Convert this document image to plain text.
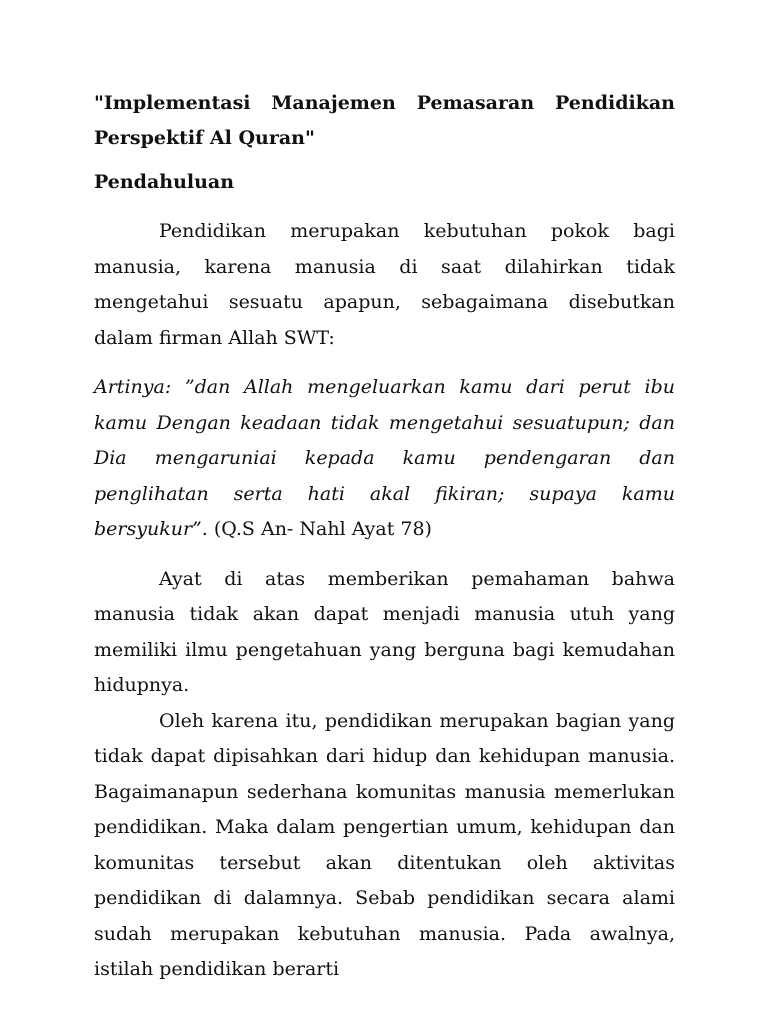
"Implementasi Manajemen Pemasaran Pendidikan Perspektif Al Quran"

Pendahuluan

Pendidikan merupakan kebutuhan pokok bagi manusia, karena manusia di saat dilahirkan tidak mengetahui sesuatu apapun, sebagaimana disebutkan dalam firman Allah SWT:

Artinya: ”dan Allah mengeluarkan kamu dari perut ibu kamu Dengan keadaan tidak mengetahui sesuatupun; dan Dia mengaruniai kepada kamu pendengaran dan penglihatan serta hati akal fikiran; supaya kamu bersyukur”. (Q.S An- Nahl Ayat 78)

Ayat di atas memberikan pemahaman bahwa manusia tidak akan dapat menjadi manusia utuh yang memiliki ilmu pengetahuan yang berguna bagi kemudahan hidupnya.

Oleh karena itu, pendidikan merupakan bagian yang tidak dapat dipisahkan dari hidup dan kehidupan manusia. Bagaimanapun sederhana komunitas manusia memerlukan pendidikan. Maka dalam pengertian umum, kehidupan dan komunitas tersebut akan ditentukan oleh aktivitas pendidikan di dalamnya. Sebab pendidikan secara alami sudah merupakan kebutuhan manusia. Pada awalnya, istilah pendidikan berarti
